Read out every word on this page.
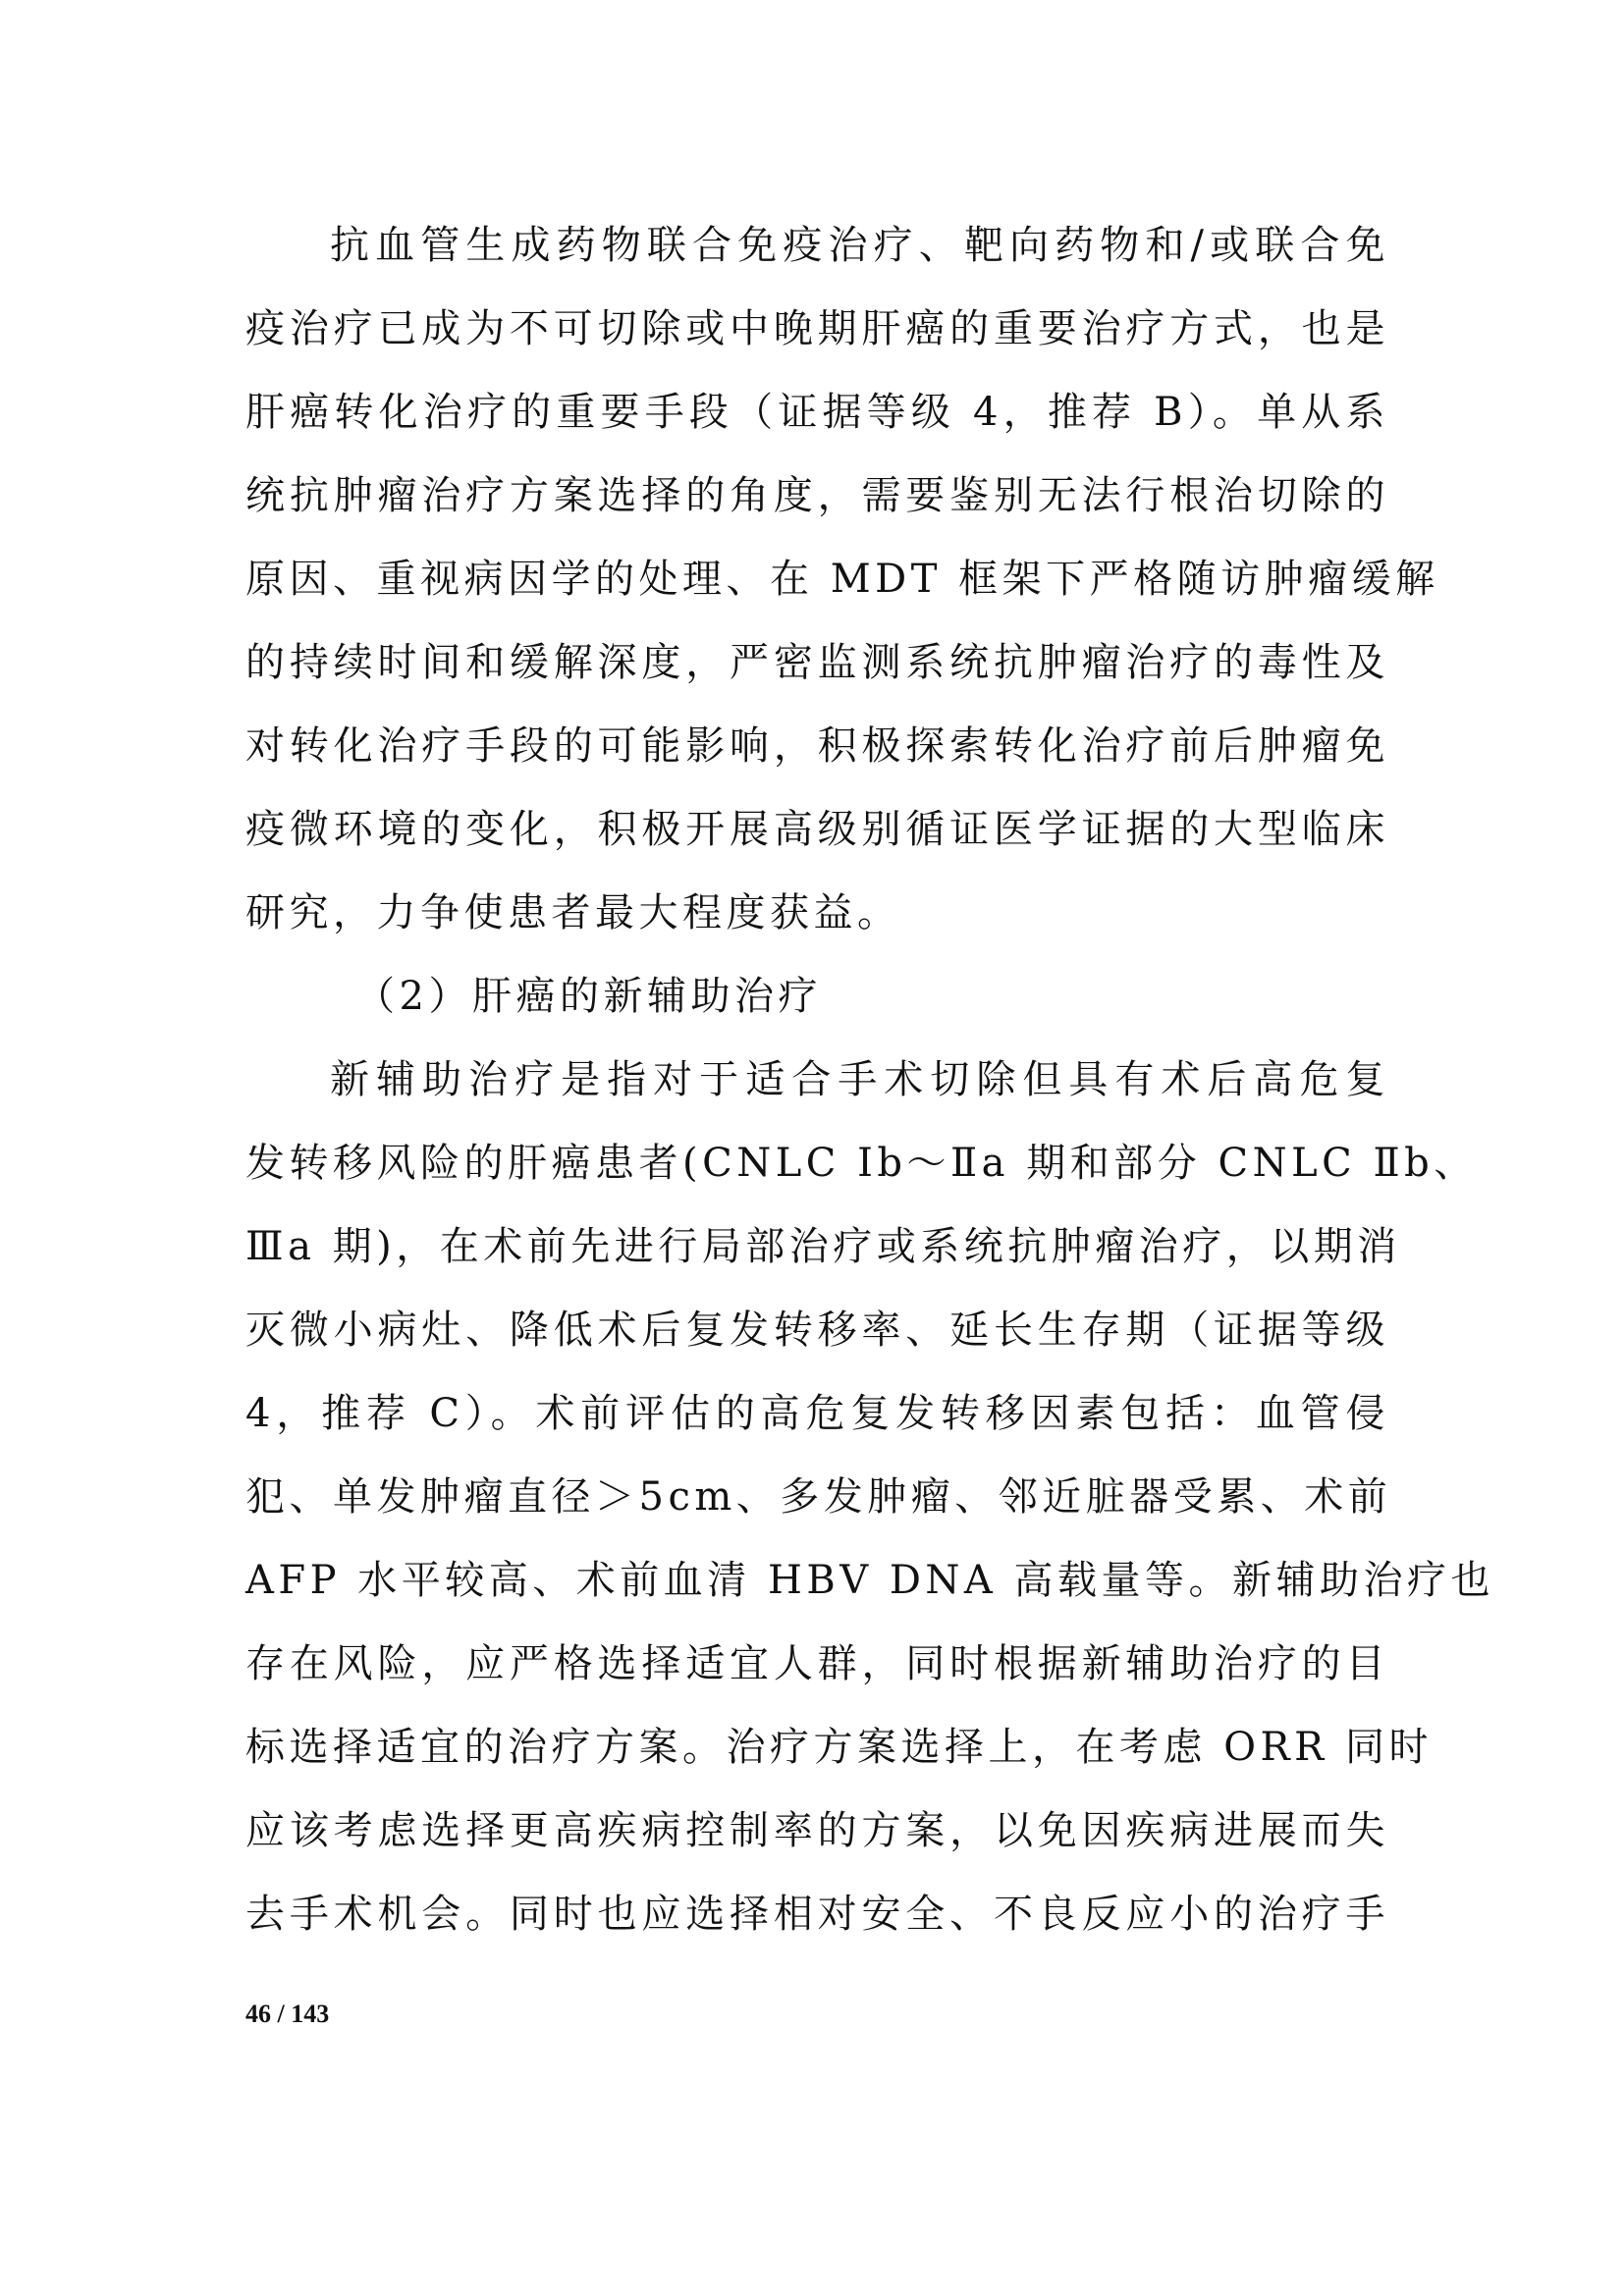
抗血管生成药物联合免疫治疗、靶向药物和/或联合免
疫治疗已成为不可切除或中晚期肝癌的重要治疗方式，也是
肝癌转化治疗的重要手段（证据等级 4，推荐 B）。单从系
统抗肿瘤治疗方案选择的角度，需要鉴别无法行根治切除的
原因、重视病因学的处理、在 MDT 框架下严格随访肿瘤缓解
的持续时间和缓解深度，严密监测系统抗肿瘤治疗的毒性及
对转化治疗手段的可能影响，积极探索转化治疗前后肿瘤免
疫微环境的变化，积极开展高级别循证医学证据的大型临床
研究，力争使患者最大程度获益。
（2）肝癌的新辅助治疗
新辅助治疗是指对于适合手术切除但具有术后高危复
发转移风险的肝癌患者(CNLC Ⅰb～Ⅱa 期和部分 CNLC Ⅱb、
Ⅲa 期)，在术前先进行局部治疗或系统抗肿瘤治疗，以期消
灭微小病灶、降低术后复发转移率、延长生存期（证据等级
4，推荐 C）。术前评估的高危复发转移因素包括：血管侵
犯、单发肿瘤直径＞5cm、多发肿瘤、邻近脏器受累、术前
AFP 水平较高、术前血清 HBV DNA 高载量等。新辅助治疗也
存在风险，应严格选择适宜人群，同时根据新辅助治疗的目
标选择适宜的治疗方案。治疗方案选择上，在考虑 ORR 同时
应该考虑选择更高疾病控制率的方案，以免因疾病进展而失
去手术机会。同时也应选择相对安全、不良反应小的治疗手
46 / 143
